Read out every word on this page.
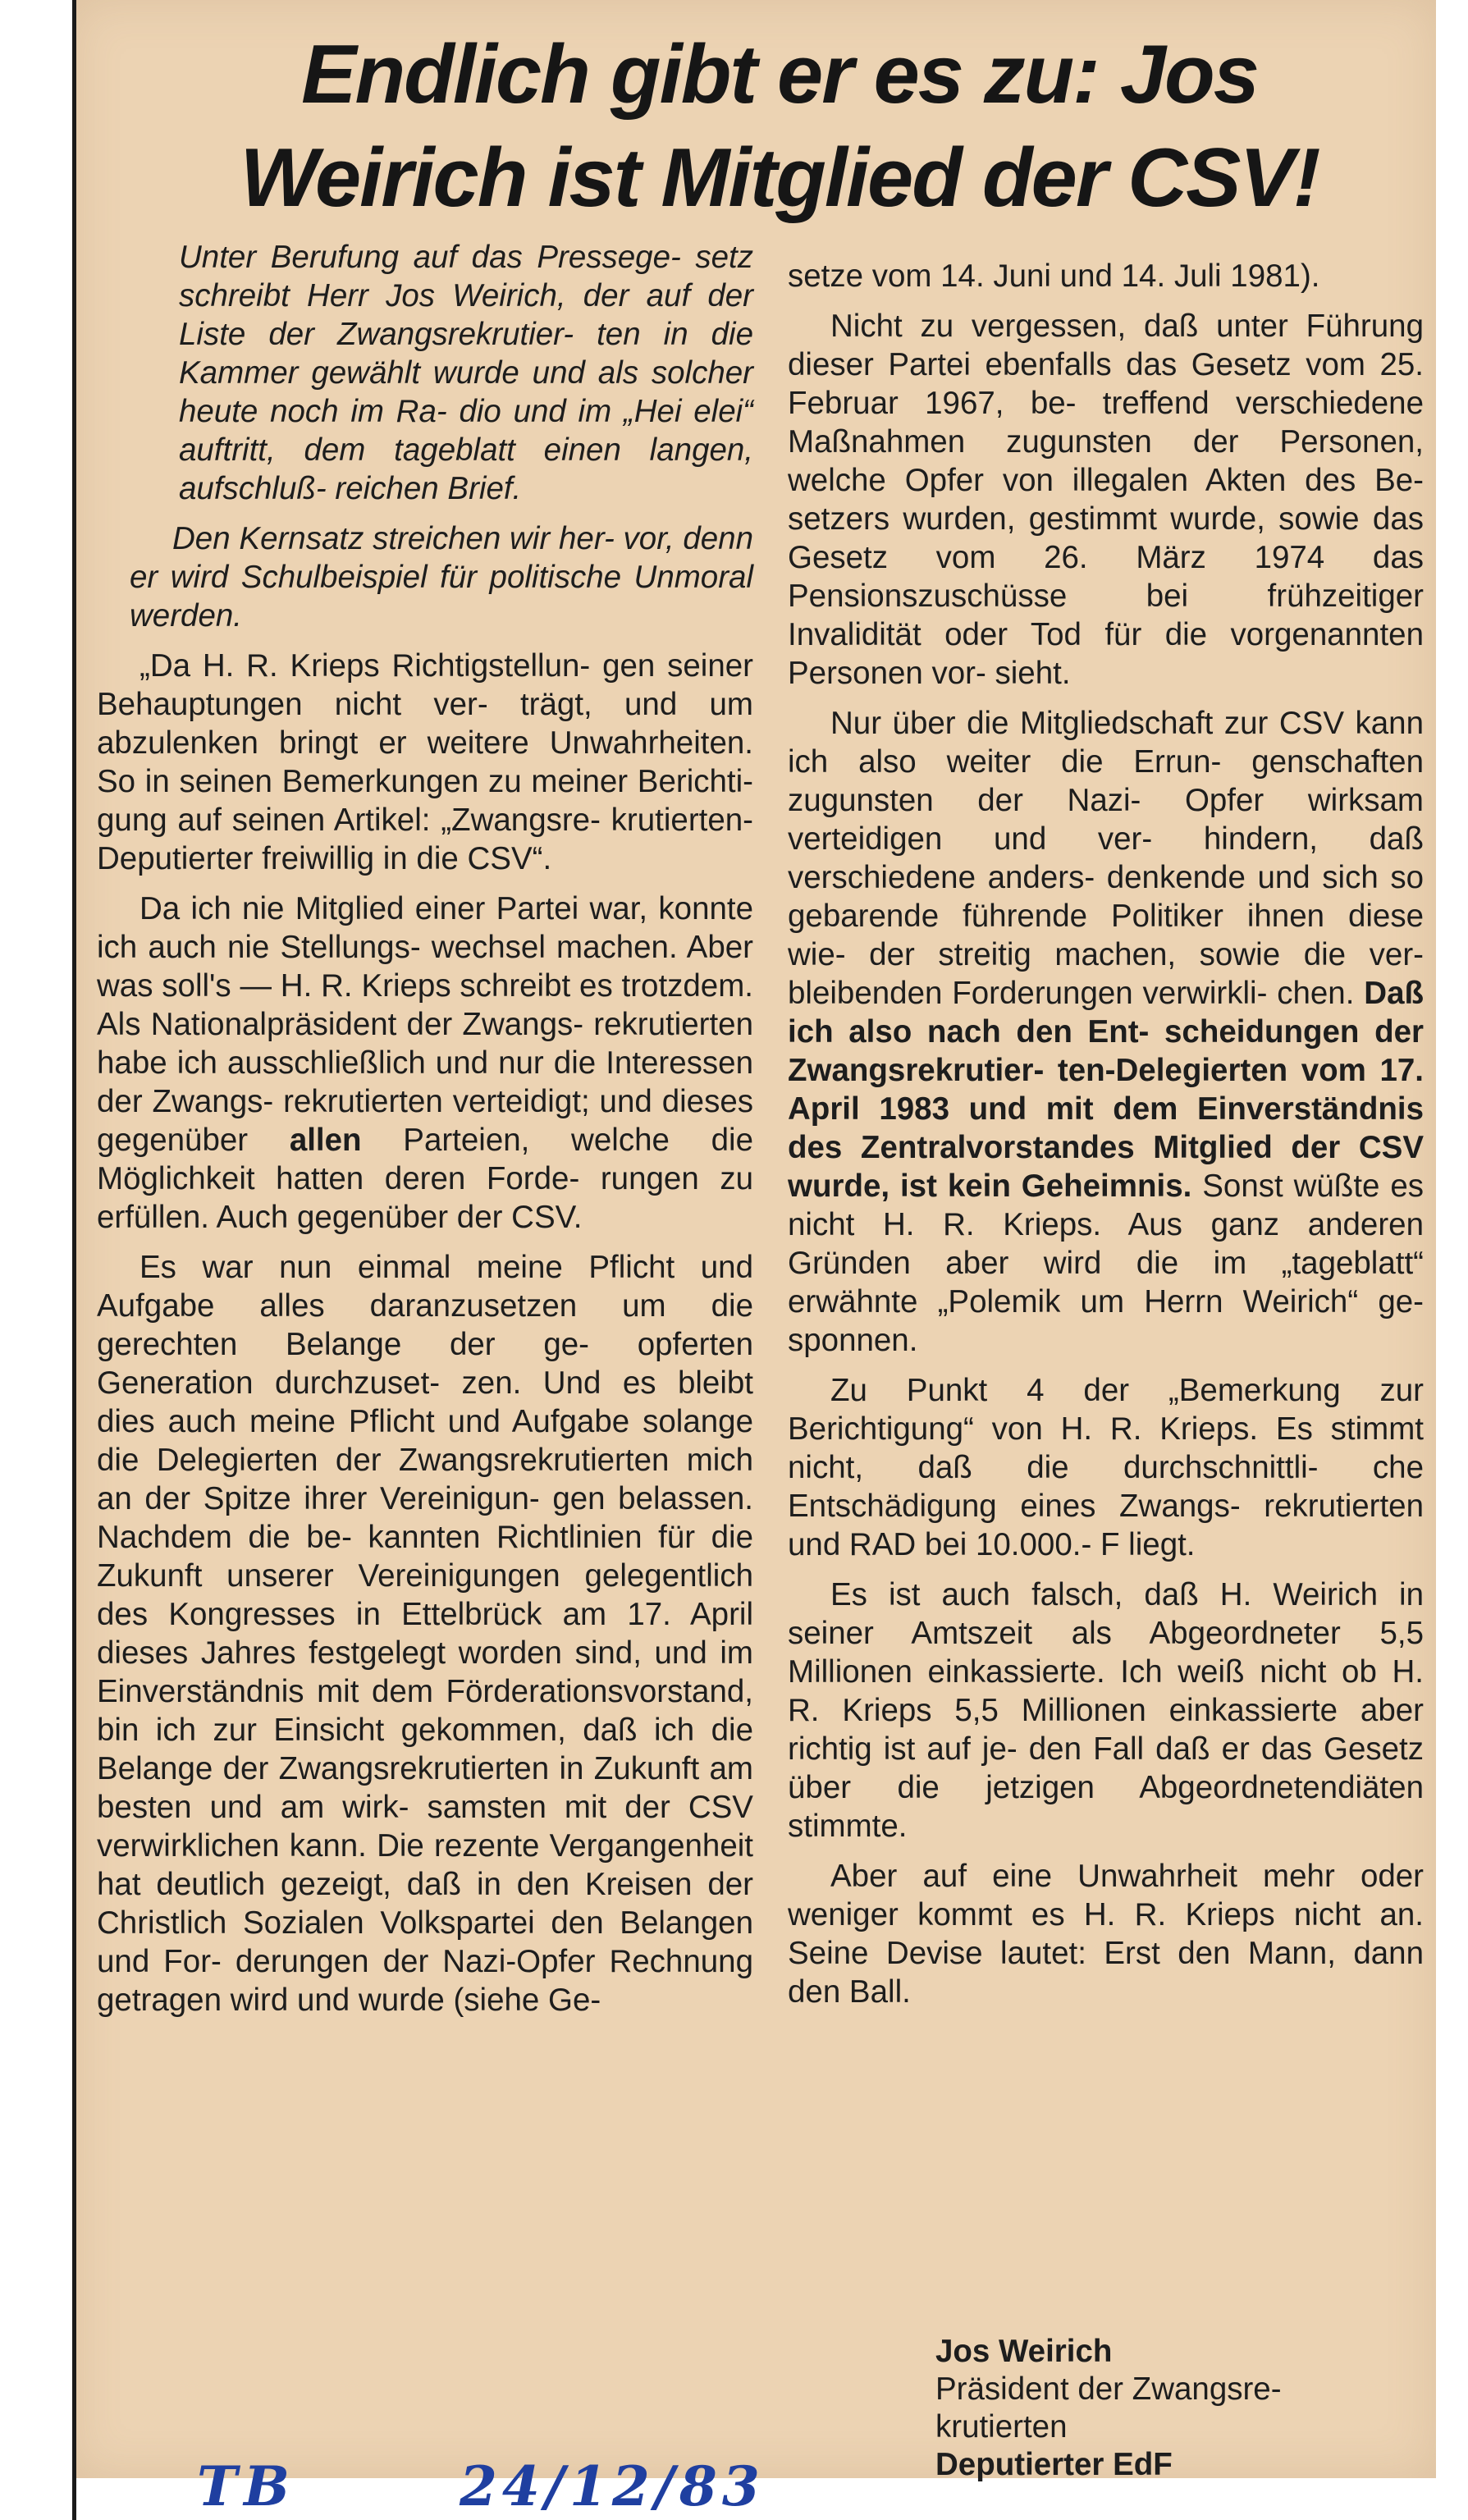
Endlich gibt er es zu: Jos
Weirich ist Mitglied der CSV!

Unter Berufung auf das Pressege- setz schreibt Herr Jos Weirich, der auf der Liste der Zwangsrekrutier- ten in die Kammer gewählt wurde und als solcher heute noch im Ra- dio und im „Hei elei“ auftritt, dem tageblatt einen langen, aufschluß- reichen Brief.

Den Kernsatz streichen wir her- vor, denn er wird Schulbeispiel für politische Unmoral werden.

„Da H. R. Krieps Richtigstellun- gen seiner Behauptungen nicht ver- trägt, und um abzulenken bringt er weitere Unwahrheiten. So in seinen Bemerkungen zu meiner Berichti- gung auf seinen Artikel: „Zwangsre- krutierten-Deputierter freiwillig in die CSV“.

Da ich nie Mitglied einer Partei war, konnte ich auch nie Stellungs- wechsel machen. Aber was soll's — H. R. Krieps schreibt es trotzdem. Als Nationalpräsident der Zwangs- rekrutierten habe ich ausschließlich und nur die Interessen der Zwangs- rekrutierten verteidigt; und dieses gegenüber allen Parteien, welche die Möglichkeit hatten deren Forde- rungen zu erfüllen. Auch gegenüber der CSV.

Es war nun einmal meine Pflicht und Aufgabe alles daranzusetzen um die gerechten Belange der ge- opferten Generation durchzuset- zen. Und es bleibt dies auch meine Pflicht und Aufgabe solange die Delegierten der Zwangsrekrutierten mich an der Spitze ihrer Vereinigun- gen belassen. Nachdem die be- kannten Richtlinien für die Zukunft unserer Vereinigungen gelegentlich des Kongresses in Ettelbrück am 17. April dieses Jahres festgelegt worden sind, und im Einverständnis mit dem Förderationsvorstand, bin ich zur Einsicht gekommen, daß ich die Belange der Zwangsrekrutierten in Zukunft am besten und am wirk- samsten mit der CSV verwirklichen kann. Die rezente Vergangenheit hat deutlich gezeigt, daß in den Kreisen der Christlich Sozialen Volkspartei den Belangen und For- derungen der Nazi-Opfer Rechnung getragen wird und wurde (siehe Ge-

setze vom 14. Juni und 14. Juli 1981).

Nicht zu vergessen, daß unter Führung dieser Partei ebenfalls das Gesetz vom 25. Februar 1967, be- treffend verschiedene Maßnahmen zugunsten der Personen, welche Opfer von illegalen Akten des Be- setzers wurden, gestimmt wurde, sowie das Gesetz vom 26. März 1974 das Pensionszuschüsse bei frühzeitiger Invalidität oder Tod für die vorgenannten Personen vor- sieht.

Nur über die Mitgliedschaft zur CSV kann ich also weiter die Errun- genschaften zugunsten der Nazi- Opfer wirksam verteidigen und ver- hindern, daß verschiedene anders- denkende und sich so gebarende führende Politiker ihnen diese wie- der streitig machen, sowie die ver- bleibenden Forderungen verwirkli- chen. Daß ich also nach den Ent- scheidungen der Zwangsrekrutier- ten-Delegierten vom 17. April 1983 und mit dem Einverständnis des Zentralvorstandes Mitglied der CSV wurde, ist kein Geheimnis. Sonst wüßte es nicht H. R. Krieps. Aus ganz anderen Gründen aber wird die im „tageblatt“ erwähnte „Polemik um Herrn Weirich“ ge- sponnen.

Zu Punkt 4 der „Bemerkung zur Berichtigung“ von H. R. Krieps. Es stimmt nicht, daß die durchschnittli- che Entschädigung eines Zwangs- rekrutierten und RAD bei 10.000.- F liegt.

Es ist auch falsch, daß H. Weirich in seiner Amtszeit als Abgeordneter 5,5 Millionen einkassierte. Ich weiß nicht ob H. R. Krieps 5,5 Millionen einkassierte aber richtig ist auf je- den Fall daß er das Gesetz über die jetzigen Abgeordnetendiäten stimmte.

Aber auf eine Unwahrheit mehr oder weniger kommt es H. R. Krieps nicht an. Seine Devise lautet: Erst den Mann, dann den Ball.

Jos Weirich
Präsident der Zwangsre-
krutierten
Deputierter EdF
TB	24/12/83
